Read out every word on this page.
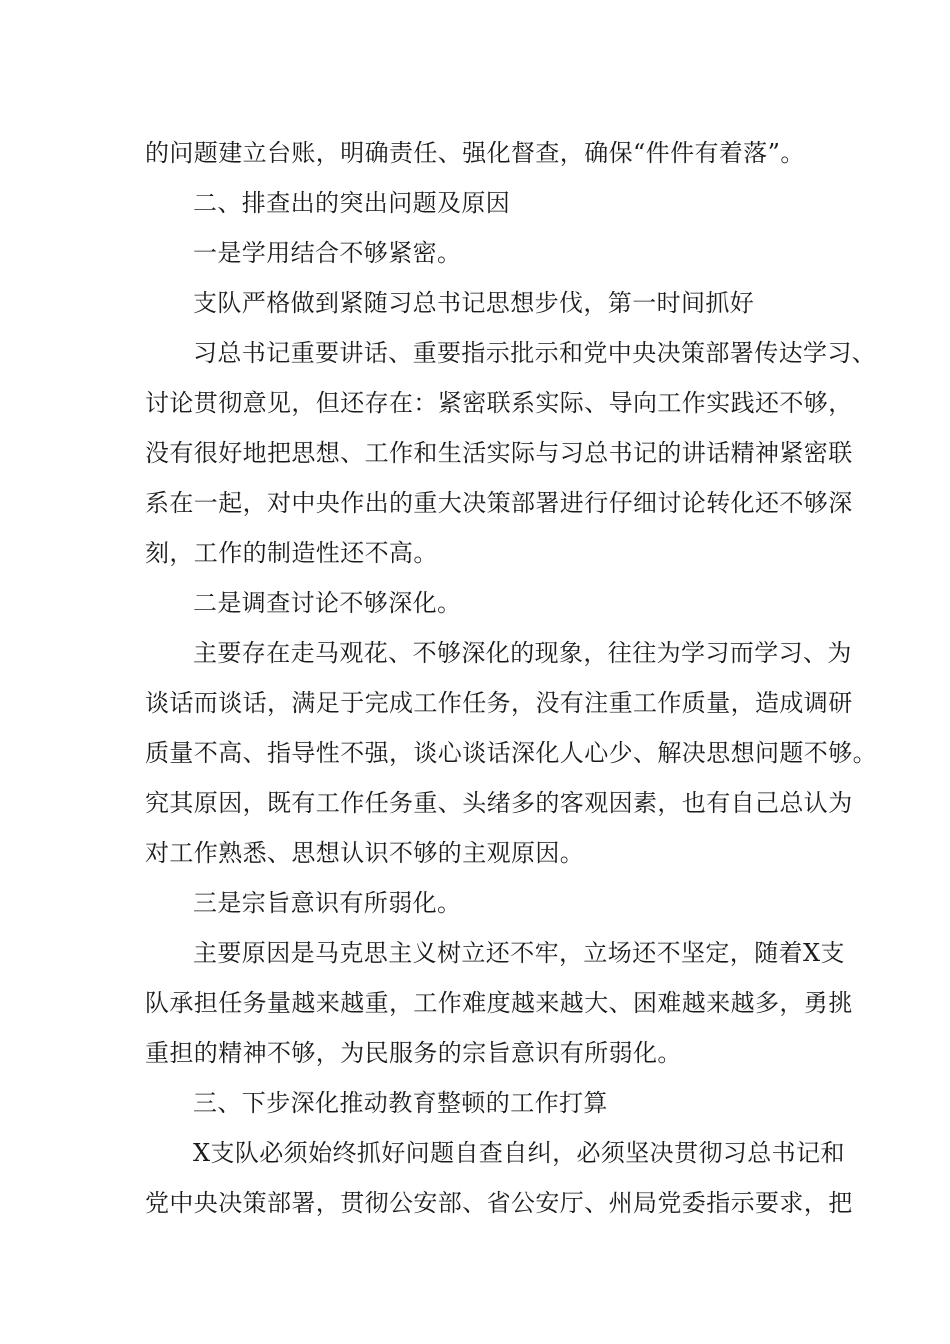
的问题建立台账，明确责任、强化督查，确保“件件有着落”。
二、排查出的突出问题及原因
一是学用结合不够紧密。
支队严格做到紧随习总书记思想步伐，第一时间抓好
习总书记重要讲话、重要指示批示和党中央决策部署传达学习、
讨论贯彻意见，但还存在：紧密联系实际、导向工作实践还不够，
没有很好地把思想、工作和生活实际与习总书记的讲话精神紧密联
系在一起，对中央作出的重大决策部署进行仔细讨论转化还不够深
刻，工作的制造性还不高。
二是调查讨论不够深化。
主要存在走马观花、不够深化的现象，往往为学习而学习、为
谈话而谈话，满足于完成工作任务，没有注重工作质量，造成调研
质量不高、指导性不强，谈心谈话深化人心少、解决思想问题不够。
究其原因，既有工作任务重、头绪多的客观因素，也有自己总认为
对工作熟悉、思想认识不够的主观原因。
三是宗旨意识有所弱化。
主要原因是马克思主义树立还不牢，立场还不坚定，随着X支
队承担任务量越来越重，工作难度越来越大、困难越来越多，勇挑
重担的精神不够，为民服务的宗旨意识有所弱化。
三、下步深化推动教育整顿的工作打算
X支队必须始终抓好问题自查自纠，必须坚决贯彻习总书记和
党中央决策部署，贯彻公安部、省公安厅、州局党委指示要求，把
